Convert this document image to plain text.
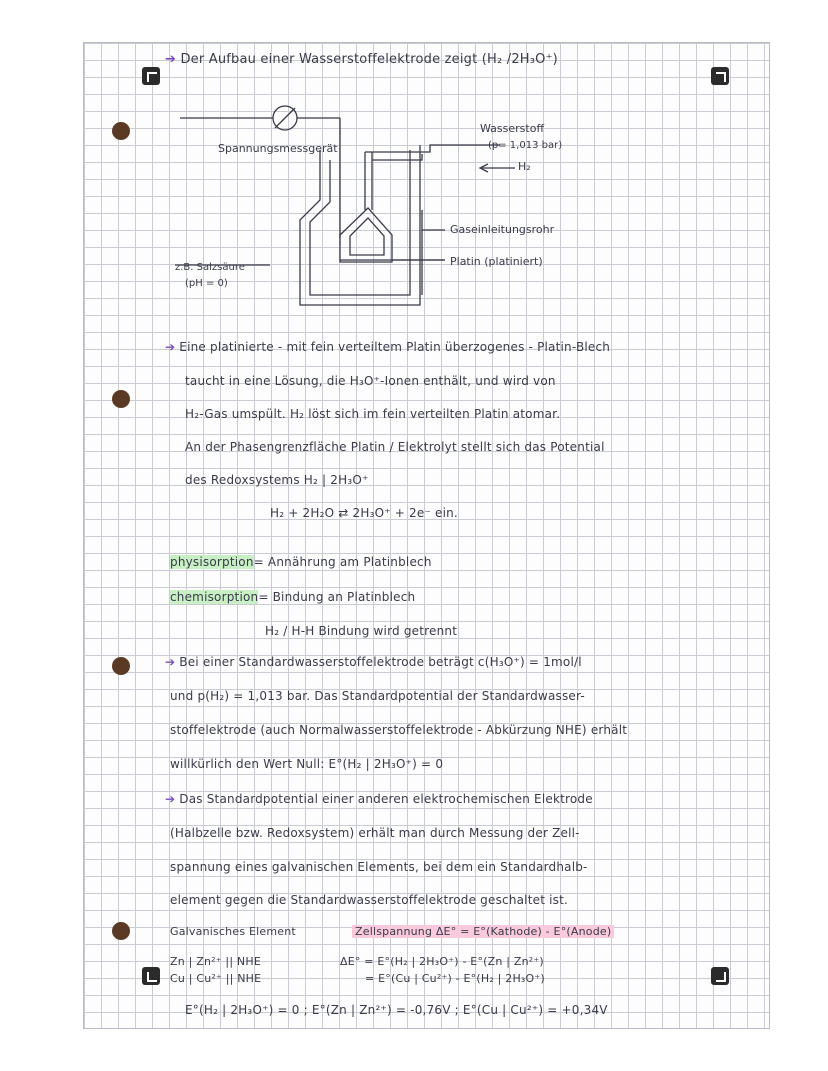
➔ Der Aufbau einer Wasserstoffelektrode zeigt (H₂ /2H₃O⁺)
Spannungsmessgerät
Wasserstoff
(p= 1,013 bar)
H₂
Gaseinleitungsrohr
Platin (platiniert)
z.B. Salzsäure
(pH = 0)
➔ Eine platinierte - mit fein verteiltem Platin überzogenes - Platin-Blech
taucht in eine Lösung, die H₃O⁺-Ionen enthält, und wird von
H₂-Gas umspült. H₂ löst sich im fein verteilten Platin atomar.
An der Phasengrenzfläche Platin / Elektrolyt stellt sich das Potential
des Redoxsystems H₂ | 2H₃O⁺
H₂ + 2H₂O ⇄ 2H₃O⁺ + 2e⁻ ein.
physisorption= Annährung am Platinblech
chemisorption= Bindung an Platinblech
H₂ / H-H Bindung wird getrennt
➔ Bei einer Standardwasserstoffelektrode beträgt c(H₃O⁺) = 1mol/l
und p(H₂) = 1,013 bar. Das Standardpotential der Standardwasser-
stoffelektrode (auch Normalwasserstoffelektrode - Abkürzung NHE) erhält
willkürlich den Wert Null: E°(H₂ | 2H₃O⁺) = 0
➔ Das Standardpotential einer anderen elektrochemischen Elektrode
(Halbzelle bzw. Redoxsystem) erhält man durch Messung der Zell-
spannung eines galvanischen Elements, bei dem ein Standardhalb-
element gegen die Standardwasserstoffelektrode geschaltet ist.
Galvanisches Element	Zellspannung ΔE° = E°(Kathode) - E°(Anode)
Zn | Zn²⁺ || NHE
Cu | Cu²⁺ || NHE
ΔE° = E°(H₂ | 2H₃O⁺) - E°(Zn | Zn²⁺)
= E°(Cu | Cu²⁺) - E°(H₂ | 2H₃O⁺)
E°(H₂ | 2H₃O⁺) = 0 ; E°(Zn | Zn²⁺) = -0,76V ; E°(Cu | Cu²⁺) = +0,34V
